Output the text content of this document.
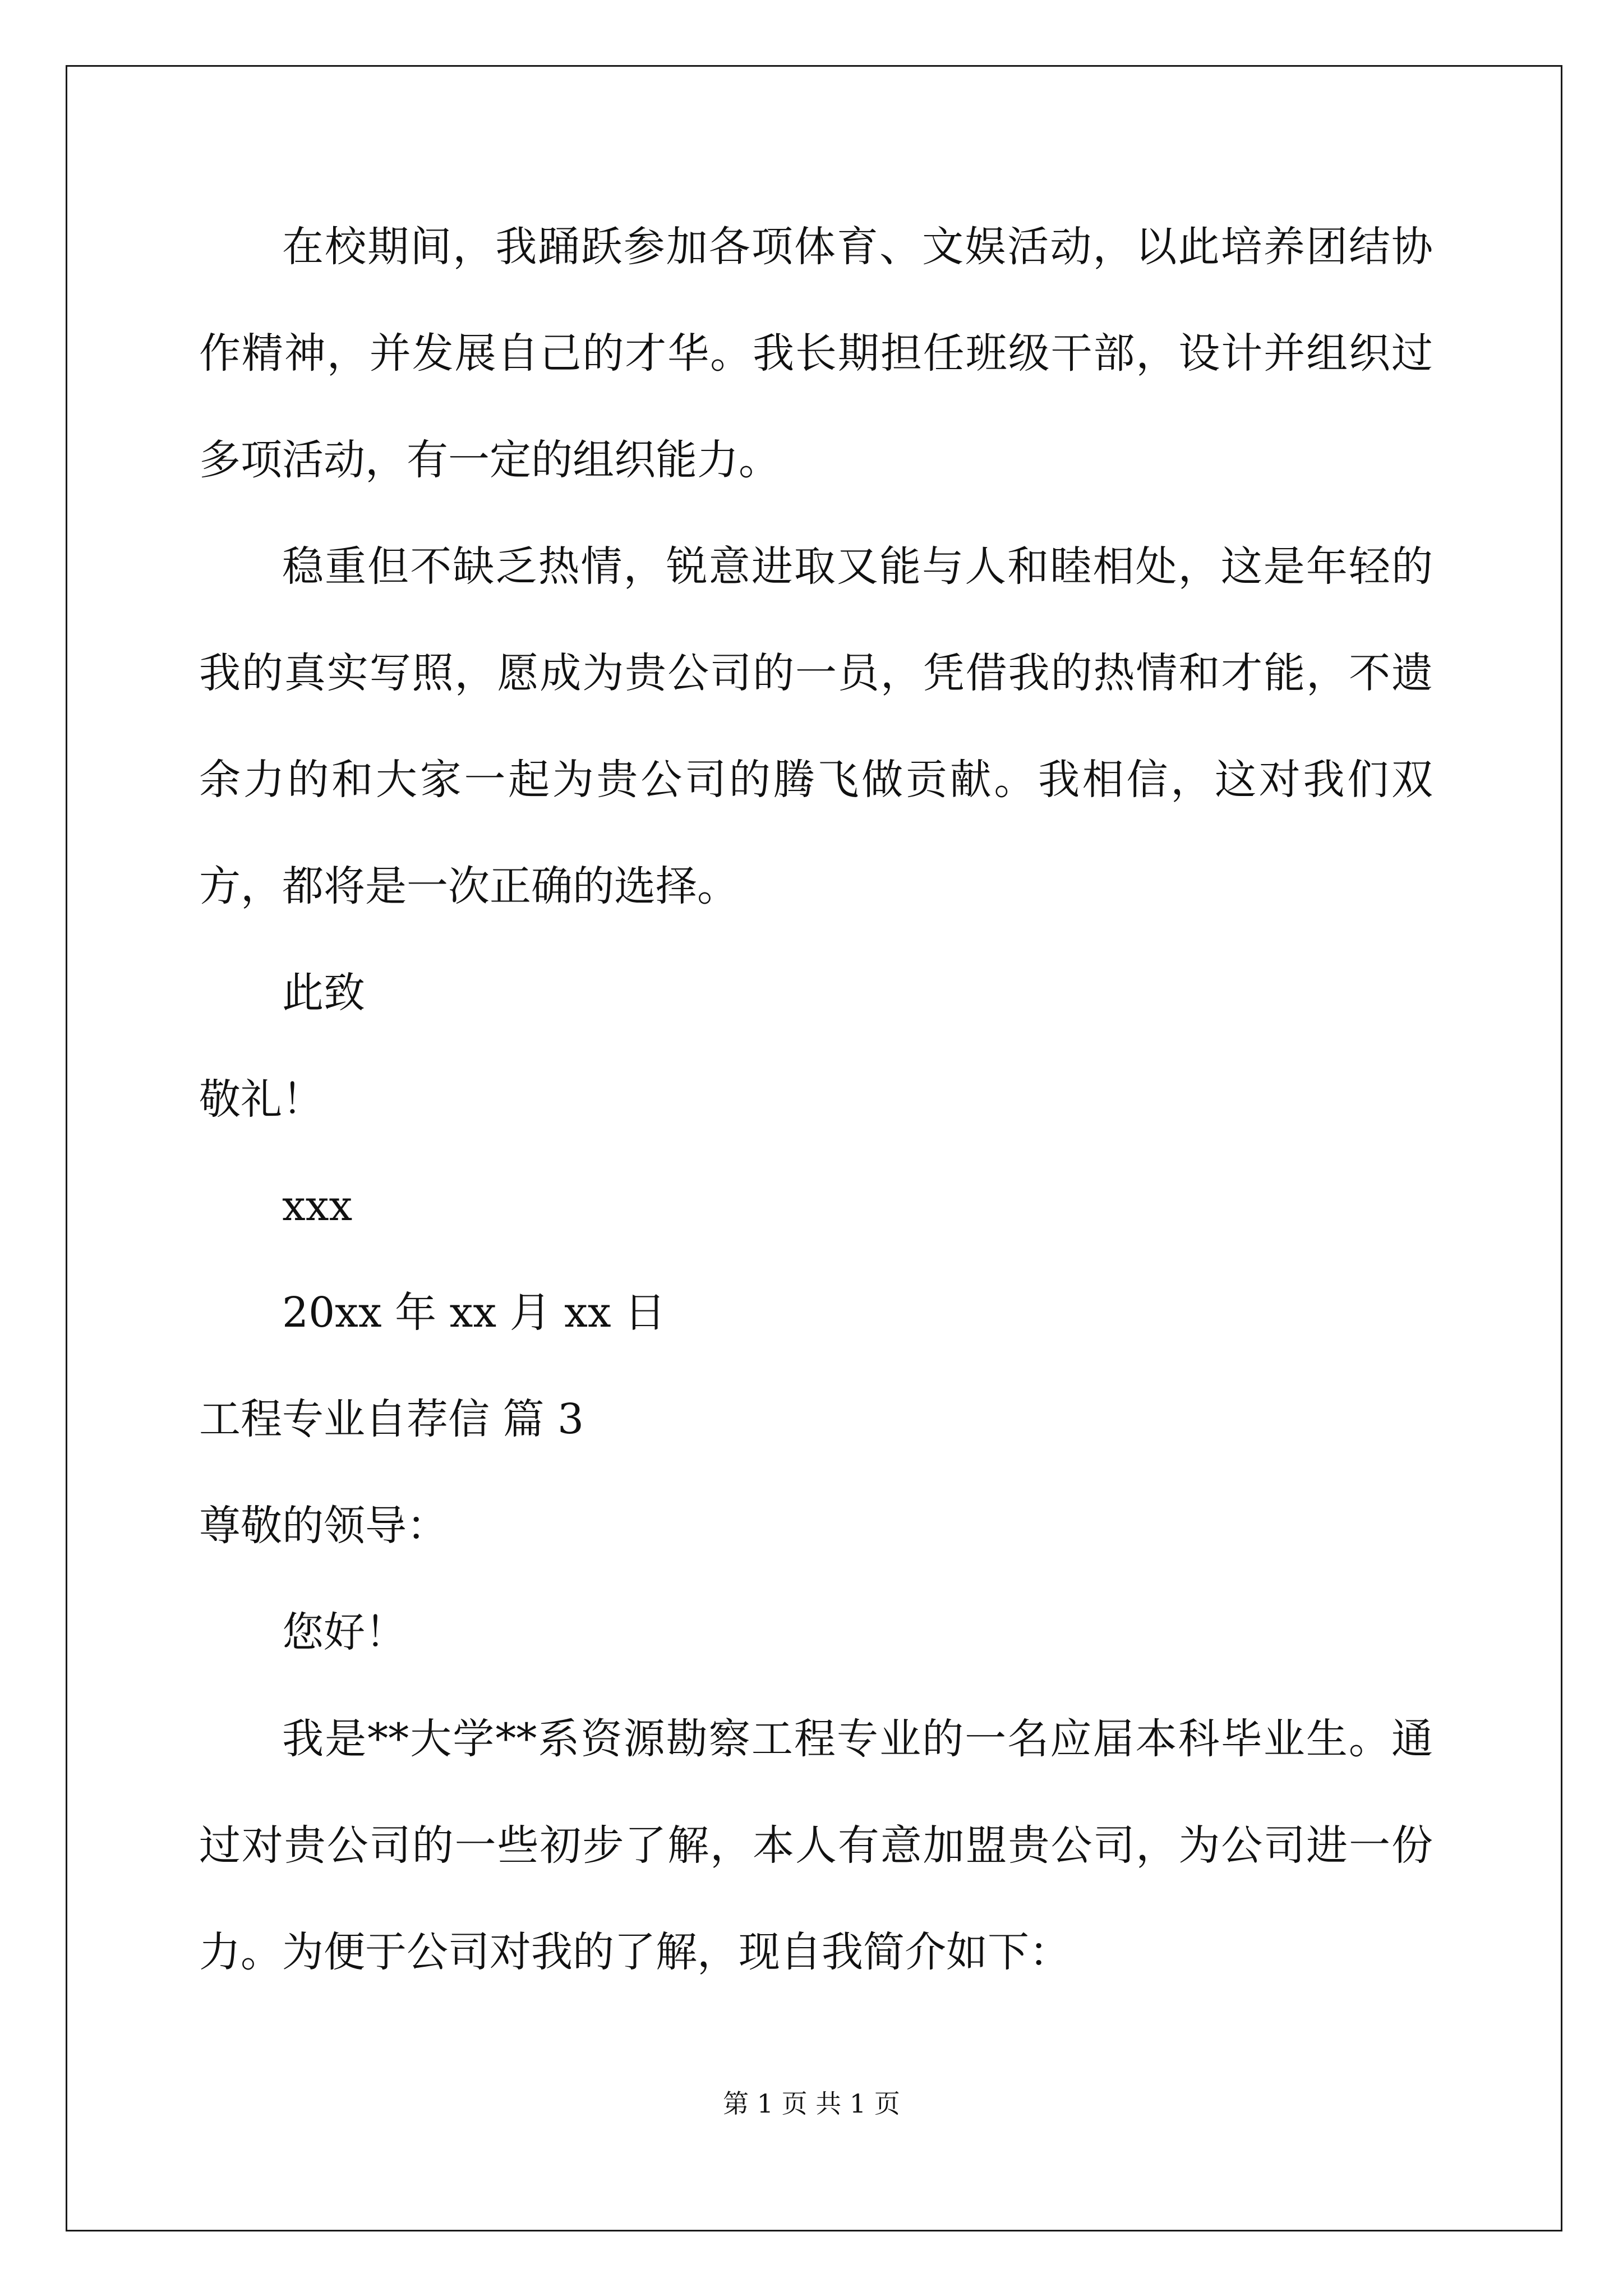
在校期间，我踊跃参加各项体育、文娱活动，以此培养团结协作精神，并发展自己的才华。我长期担任班级干部，设计并组织过多项活动，有一定的组织能力。

稳重但不缺乏热情，锐意进取又能与人和睦相处，这是年轻的我的真实写照，愿成为贵公司的一员，凭借我的热情和才能，不遗余力的和大家一起为贵公司的腾飞做贡献。我相信，这对我们双方，都将是一次正确的选择。

此致

敬礼！

xxx

20xx 年 xx 月 xx 日

工程专业自荐信 篇 3

尊敬的领导：

您好！

我是**大学**系资源勘察工程专业的一名应届本科毕业生。通过对贵公司的一些初步了解，本人有意加盟贵公司，为公司进一份力。为便于公司对我的了解，现自我简介如下：

第 1 页 共 1 页
